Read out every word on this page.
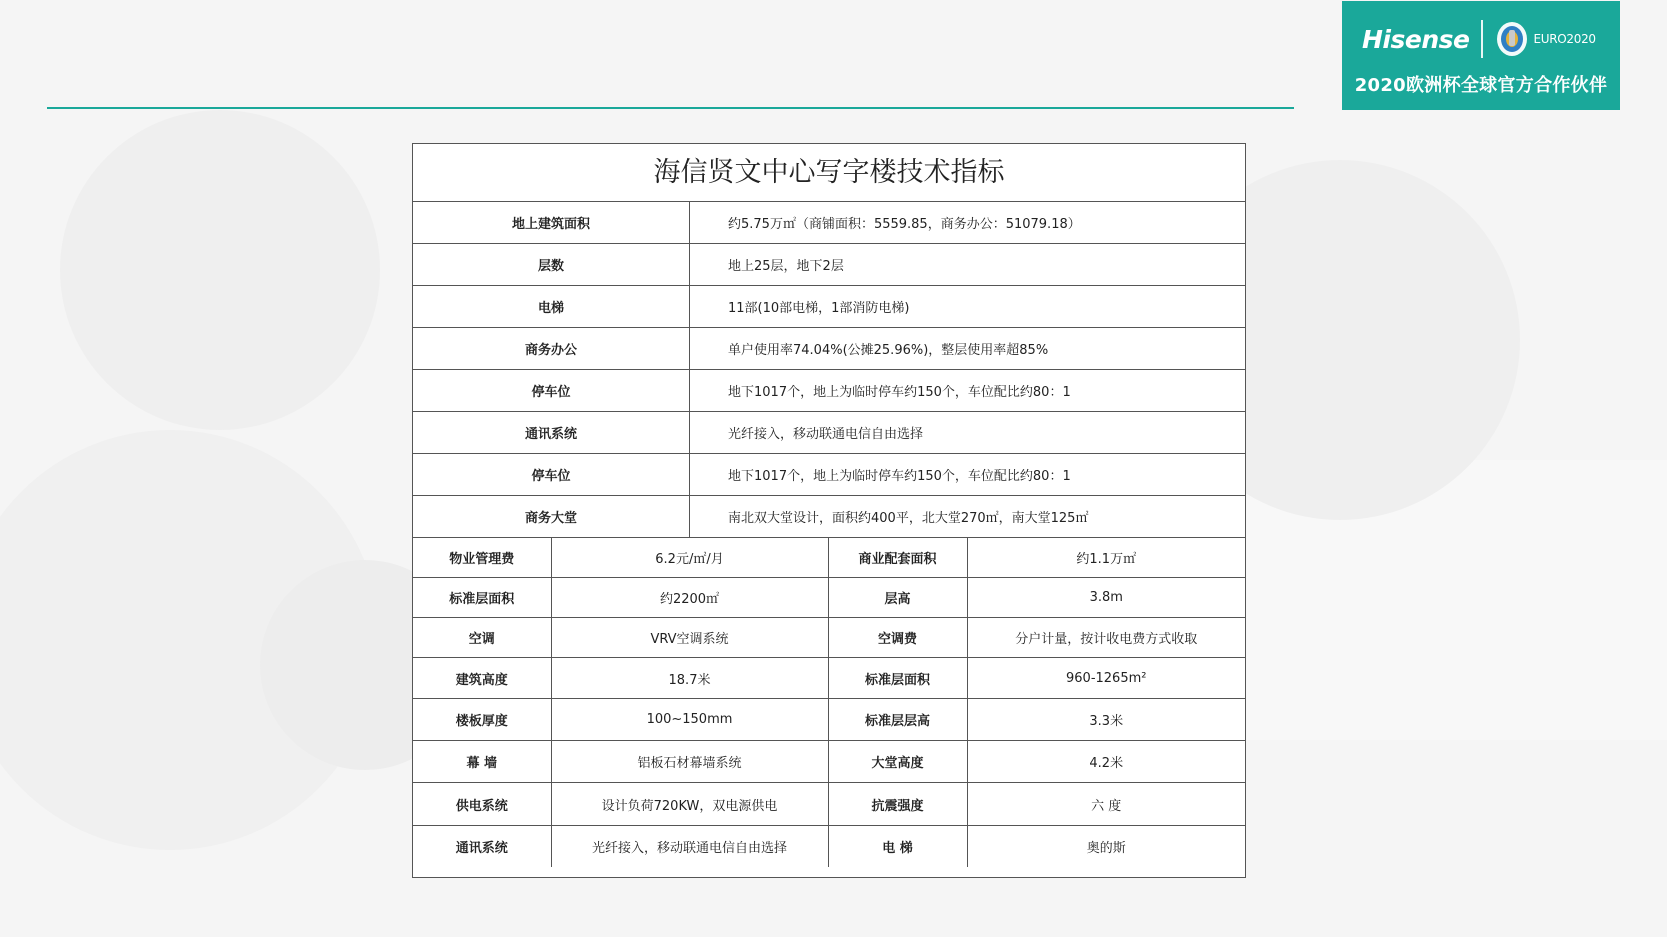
Hisense	EURO2020
2020欧洲杯全球官方合作伙伴
海信贤文中心写字楼技术指标
地上建筑面积	约5.75万㎡（商铺面积：5559.85，商务办公：51079.18）
层数	地上25层，地下2层
电梯	11部(10部电梯，1部消防电梯)
商务办公	单户使用率74.04%(公摊25.96%)，整层使用率超85%
停车位	地下1017个，地上为临时停车约150个，车位配比约80：1
通讯系统	光纤接入，移动联通电信自由选择
停车位	地下1017个，地上为临时停车约150个，车位配比约80：1
商务大堂	南北双大堂设计，面积约400平，北大堂270㎡，南大堂125㎡
物业管理费	6.2元/㎡/月	商业配套面积	约1.1万㎡
标准层面积	约2200㎡	层高	3.8m
空调	VRV空调系统	空调费	分户计量，按计收电费方式收取
建筑高度	18.7米	标准层面积	960-1265m²
楼板厚度	100~150mm	标准层层高	3.3米
幕 墙	铝板石材幕墙系统	大堂高度	4.2米
供电系统	设计负荷720KW，双电源供电	抗震强度	六 度
通讯系统	光纤接入，移动联通电信自由选择	电 梯	奥的斯
